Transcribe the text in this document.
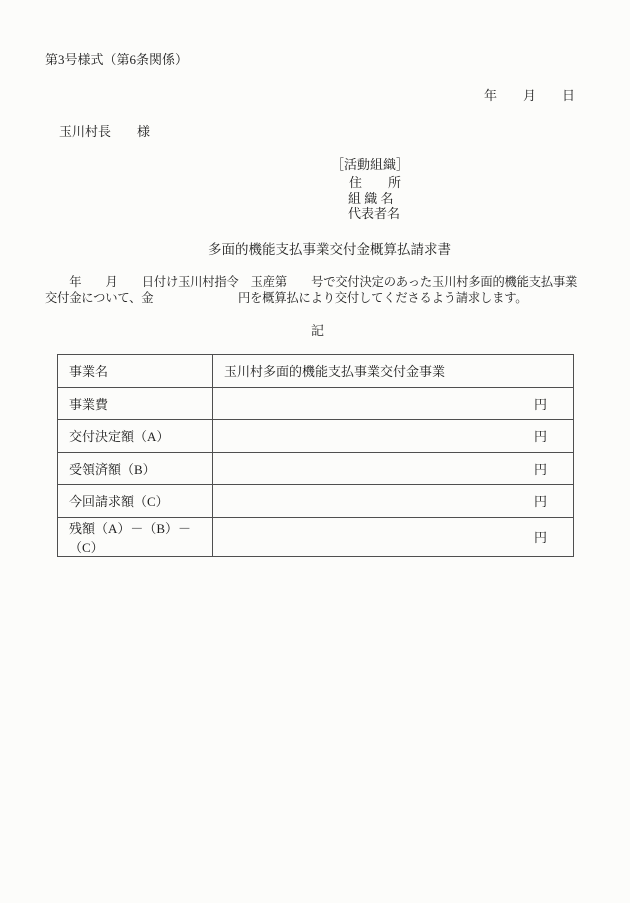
第3号様式（第6条関係）
年　　月　　日
玉川村長　　様
［活動組織］
住　　所
組 織 名
代表者名
多面的機能支払事業交付金概算払請求書
　　年　　月　　日付け玉川村指令　玉産第　　号で交付決定のあった玉川村多面的機能支払事業
交付金について、金　　　　　　　円を概算払により交付してくださるよう請求します。
記
事業名	玉川村多面的機能支払事業交付金事業

事業費	円

交付決定額（A）	円

受領済額（B）	円

今回請求額（C）	円

残額（A）－（B）－（C）	円
